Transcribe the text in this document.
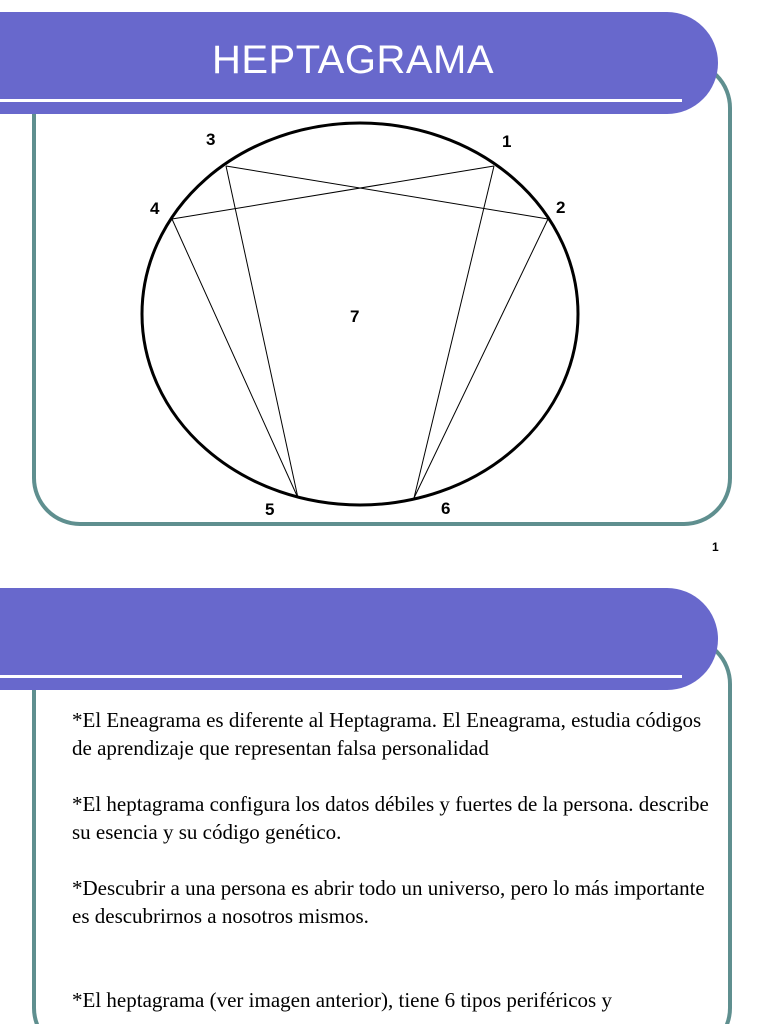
HEPTAGRAMA
1
2
3
4
5	6
7
1

*El Eneagrama es diferente al Heptagrama. El Eneagrama, estudia códigos de aprendizaje que representan falsa personalidad

*El heptagrama configura los datos débiles y fuertes de la persona. describe su esencia y su código genético.

*Descubrir a una persona es abrir todo un universo, pero lo más importante es descubrirnos a nosotros mismos.

*El heptagrama (ver imagen anterior), tiene 6 tipos periféricos y
